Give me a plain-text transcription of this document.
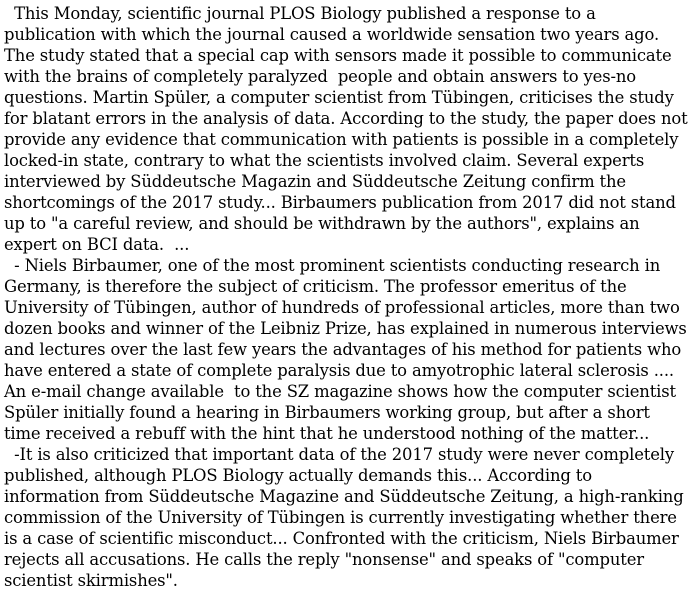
This Monday, scientific journal PLOS Biology published a response to a
publication with which the journal caused a worldwide sensation two years ago.
The study stated that a special cap with sensors made it possible to communicate
with the brains of completely paralyzed  people and obtain answers to yes-no
questions. Martin Spüler, a computer scientist from Tübingen, criticises the study
for blatant errors in the analysis of data. According to the study, the paper does not
provide any evidence that communication with patients is possible in a completely
locked-in state, contrary to what the scientists involved claim. Several experts
interviewed by Süddeutsche Magazin and Süddeutsche Zeitung confirm the
shortcomings of the 2017 study... Birbaumers publication from 2017 did not stand
up to "a careful review, and should be withdrawn by the authors", explains an
expert on BCI data.  ...
- Niels Birbaumer, one of the most prominent scientists conducting research in
Germany, is therefore the subject of criticism. The professor emeritus of the
University of Tübingen, author of hundreds of professional articles, more than two
dozen books and winner of the Leibniz Prize, has explained in numerous interviews
and lectures over the last few years the advantages of his method for patients who
have entered a state of complete paralysis due to amyotrophic lateral sclerosis ....
An e-mail change available  to the SZ magazine shows how the computer scientist
Spüler initially found a hearing in Birbaumers working group, but after a short
time received a rebuff with the hint that he understood nothing of the matter...
-It is also criticized that important data of the 2017 study were never completely
published, although PLOS Biology actually demands this... According to
information from Süddeutsche Magazine and Süddeutsche Zeitung, a high-ranking
commission of the University of Tübingen is currently investigating whether there
is a case of scientific misconduct... Confronted with the criticism, Niels Birbaumer
rejects all accusations. He calls the reply "nonsense" and speaks of "computer
scientist skirmishes".
